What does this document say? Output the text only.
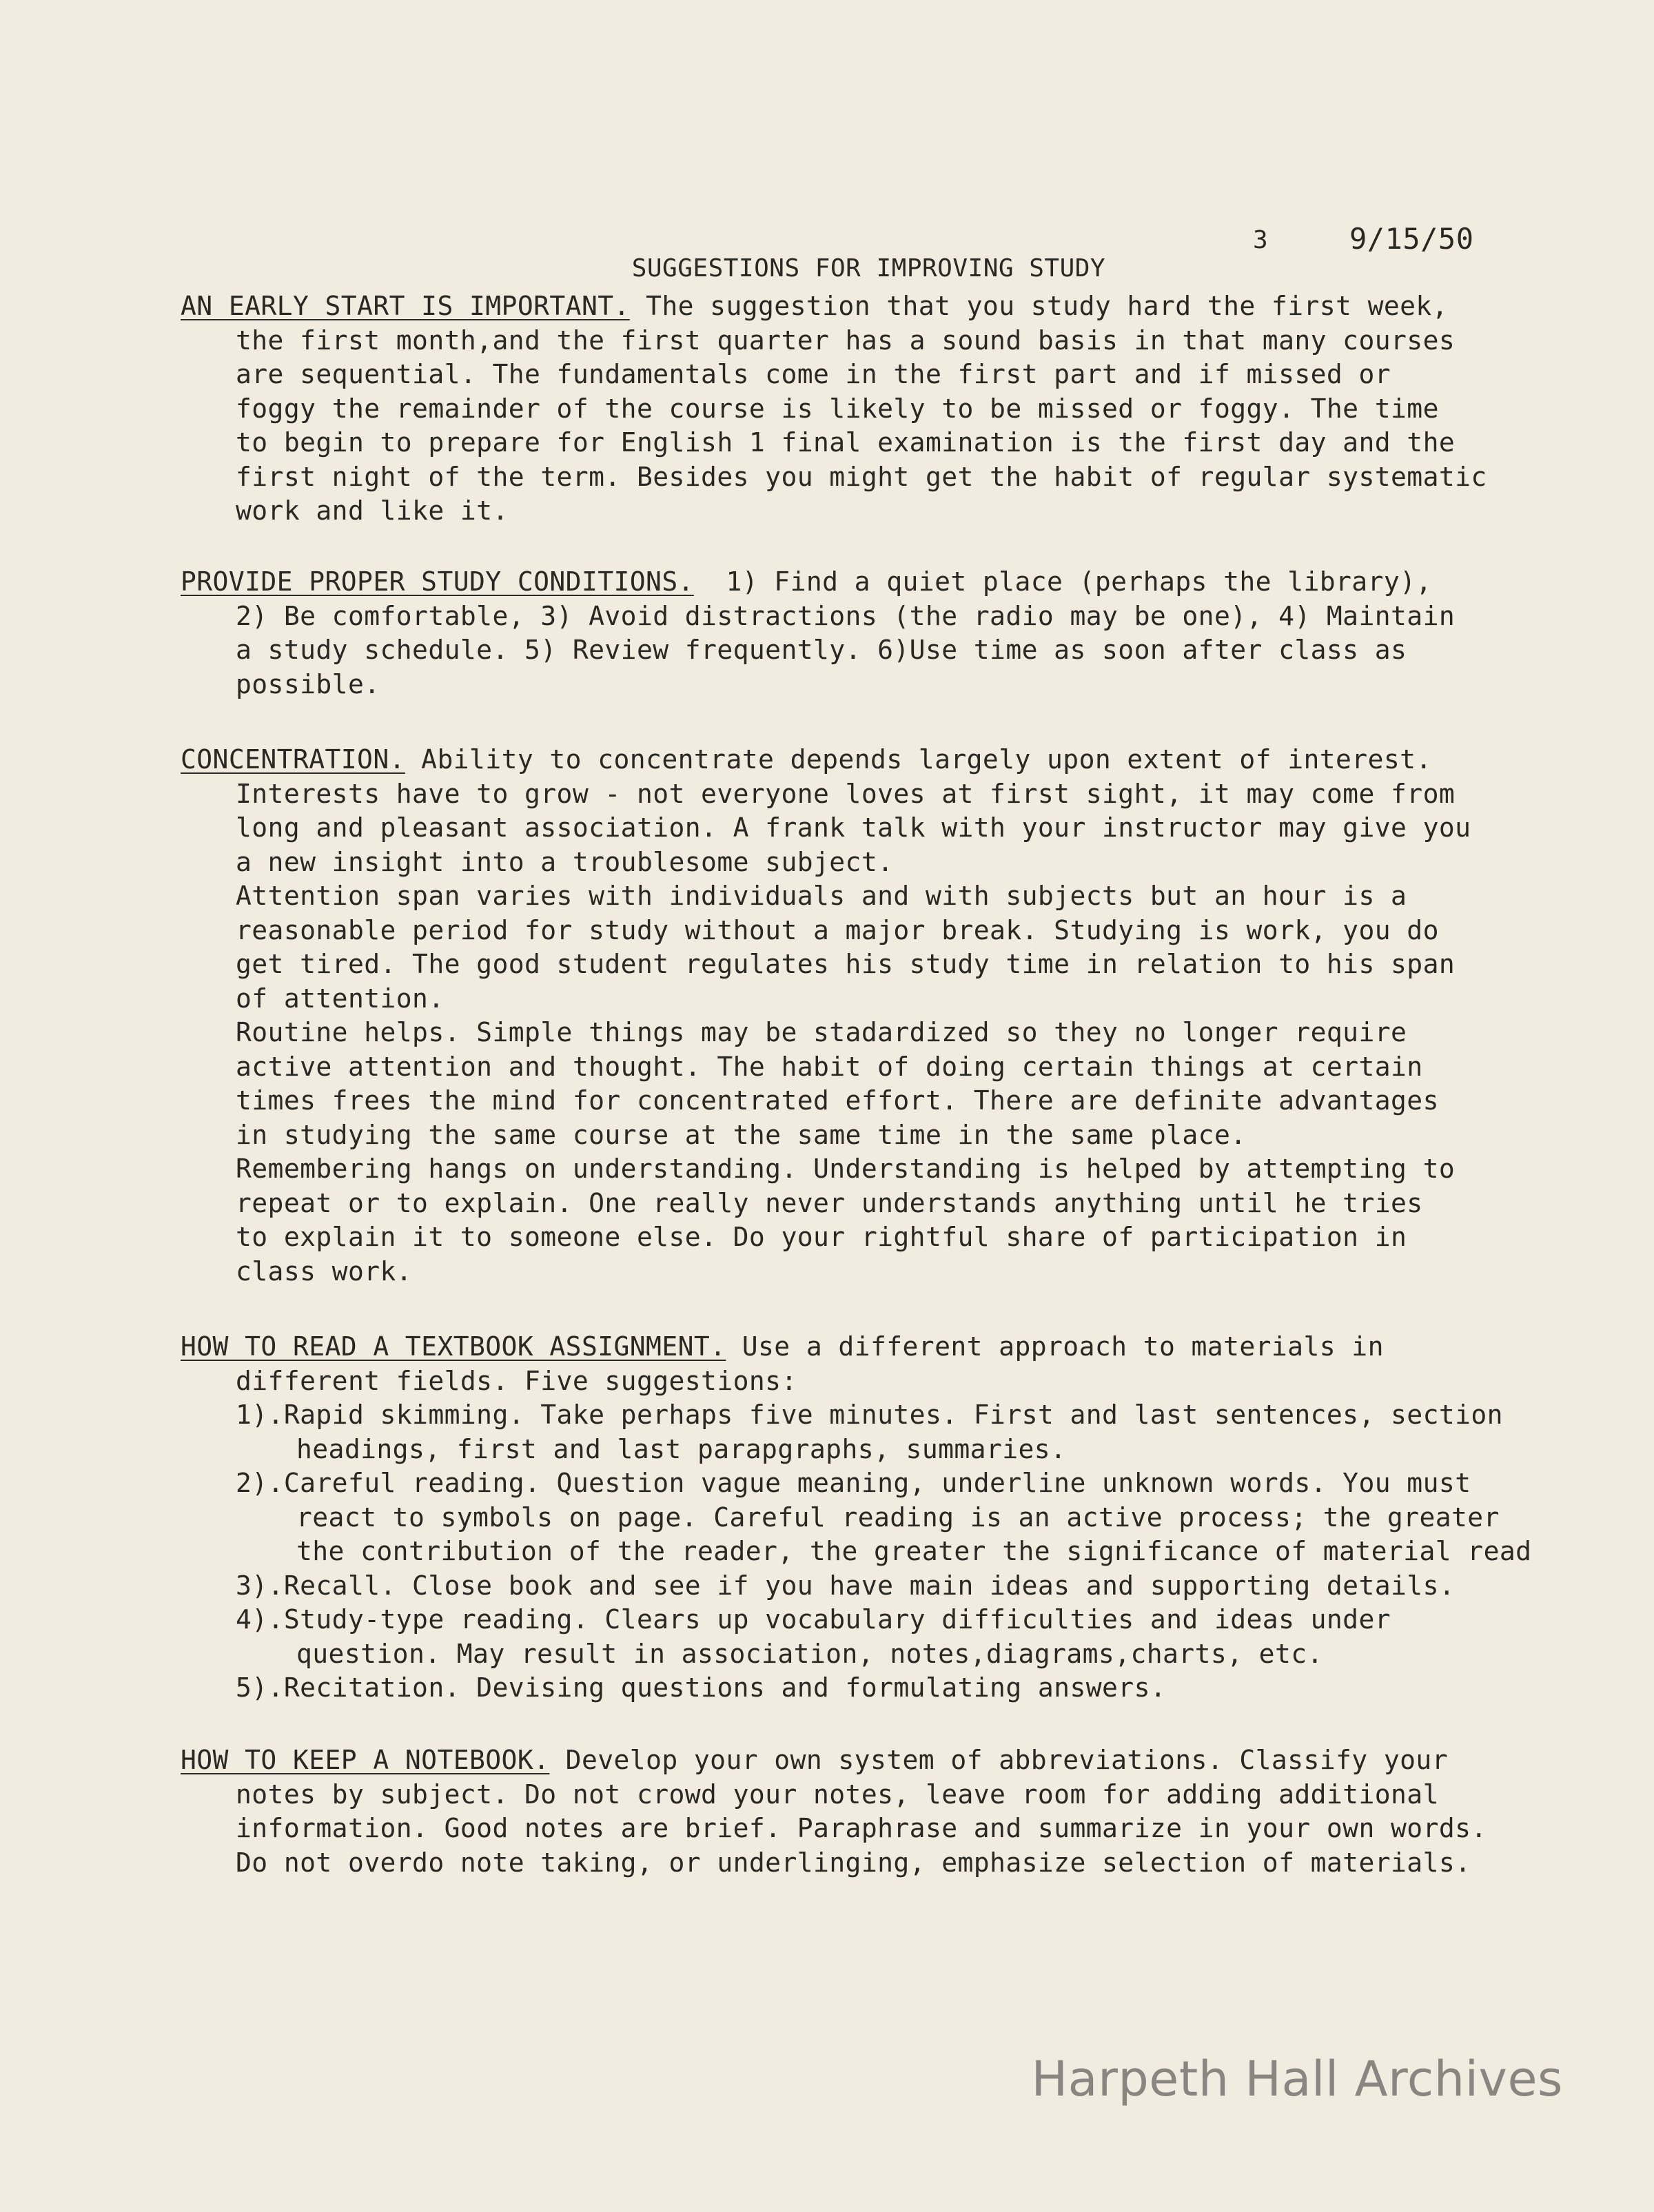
SUGGESTIONS FOR IMPROVING STUDY

3

	9/15/50

AN EARLY START IS IMPORTANT. The suggestion that you study hard the first week,
the first month,and the first quarter has a sound basis in that many courses
are sequential. The fundamentals come in the first part and if missed or
foggy the remainder of the course is likely to be missed or foggy. The time
to begin to prepare for English 1 final examination is the first day and the
first night of the term. Besides you might get the habit of regular systematic
work and like it.
PROVIDE PROPER STUDY CONDITIONS.  1) Find a quiet place (perhaps the library),
2) Be comfortable, 3) Avoid distractions (the radio may be one), 4) Maintain
a study schedule. 5) Review frequently. 6)Use time as soon after class as
possible.
CONCENTRATION. Ability to concentrate depends largely upon extent of interest.
Interests have to grow - not everyone loves at first sight, it may come from
long and pleasant association. A frank talk with your instructor may give you
a new insight into a troublesome subject.
Attention span varies with individuals and with subjects but an hour is a
reasonable period for study without a major break. Studying is work, you do
get tired. The good student regulates his study time in relation to his span
of attention.
Routine helps. Simple things may be stadardized so they no longer require
active attention and thought. The habit of doing certain things at certain
times frees the mind for concentrated effort. There are definite advantages
in studying the same course at the same time in the same place.
Remembering hangs on understanding. Understanding is helped by attempting to
repeat or to explain. One really never understands anything until he tries
to explain it to someone else. Do your rightful share of participation in
class work.
HOW TO READ A TEXTBOOK ASSIGNMENT. Use a different approach to materials in
different fields. Five suggestions:
1).Rapid skimming. Take perhaps five minutes. First and last sentences, section
headings, first and last parapgraphs, summaries.
2).Careful reading. Question vague meaning, underline unknown words. You must
react to symbols on page. Careful reading is an active process; the greater
the contribution of the reader, the greater the significance of material read
3).Recall. Close book and see if you have main ideas and supporting details.
4).Study-type reading. Clears up vocabulary difficulties and ideas under
question. May result in association, notes,diagrams,charts, etc.
5).Recitation. Devising questions and formulating answers.
HOW TO KEEP A NOTEBOOK. Develop your own system of abbreviations. Classify your
notes by subject. Do not crowd your notes, leave room for adding additional
information. Good notes are brief. Paraphrase and summarize in your own words.
Do not overdo note taking, or underlinging, emphasize selection of materials.
Harpeth Hall Archives
